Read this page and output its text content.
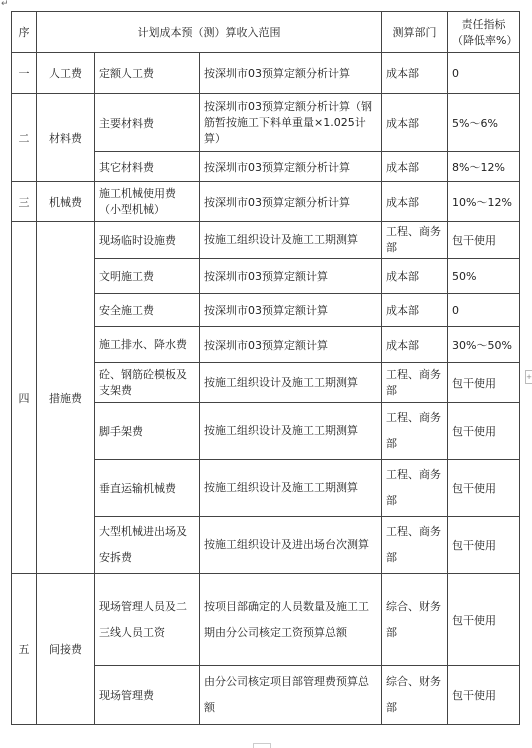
↵
+
序	计划成本预（测）算收入范围			测算部门	责任指标（降低率%）
一	人工费	定额人工费	按深圳市03预算定额分析计算	成本部	0
二	材料费	主要材料费	按深圳市03预算定额分析计算（钢筋暂按施工下料单重量×1.025计算）	成本部	5%～6%
		其它材料费	按深圳市03预算定额分析计算	成本部	8%～12%
三	机械费	施工机械使用费（小型机械）	按深圳市03预算定额分析计算	成本部	10%～12%
四	措施费	现场临时设施费	按施工组织设计及施工工期测算	工程、商务部	包干使用
		文明施工费	按深圳市03预算定额计算	成本部	50%
		安全施工费	按深圳市03预算定额计算	成本部	0
		施工排水、降水费	按深圳市03预算定额计算	成本部	30%～50%
		砼、钢筋砼模板及支架费	按施工组织设计及施工工期测算	工程、商务部	包干使用
		脚手架费	按施工组织设计及施工工期测算	工程、商务部	包干使用
		垂直运输机械费	按施工组织设计及施工工期测算	工程、商务部	包干使用
		大型机械进出场及安拆费	按施工组织设计及进出场台次测算	工程、商务部	包干使用
五	间接费	现场管理人员及二三线人员工资	按项目部确定的人员数量及施工工期由分公司核定工资预算总额	综合、财务部	包干使用
		现场管理费	由分公司核定项目部管理费预算总额	综合、财务部	包干使用
